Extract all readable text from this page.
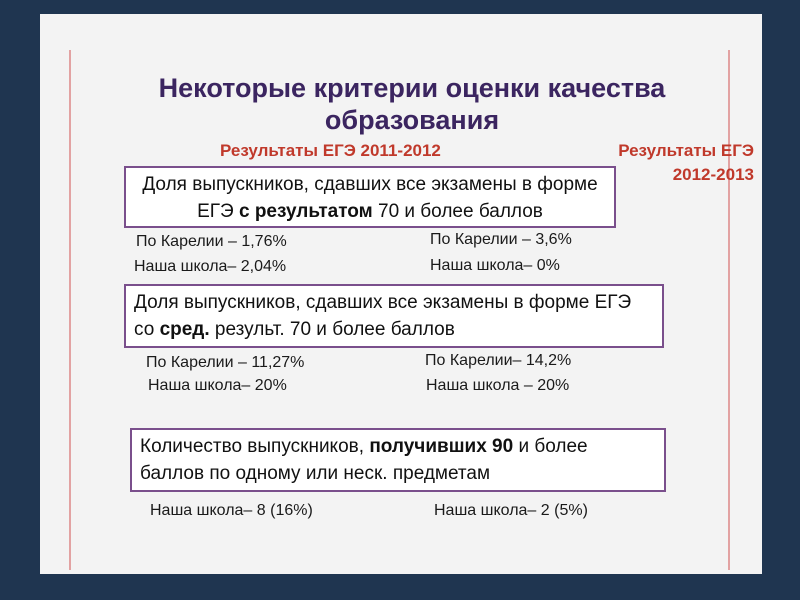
Некоторые критерии оценки качества
образования
Результаты ЕГЭ 2011-2012	Результаты ЕГЭ
2012-2013
Доля выпускников, сдавших все экзамены в форме ЕГЭ с результатом 70 и более баллов
По Карелии – 1,76%
Наша школа– 2,04%
По Карелии – 3,6%
Наша школа– 0%
Доля выпускников, сдавших все экзамены в форме ЕГЭ со сред. результ. 70 и более баллов
По Карелии – 11,27%
Наша школа– 20%
По Карелии– 14,2%
Наша школа – 20%
Количество выпускников, получивших 90 и более баллов по одному или неск. предметам
Наша школа– 8 (16%)	Наша школа– 2 (5%)
